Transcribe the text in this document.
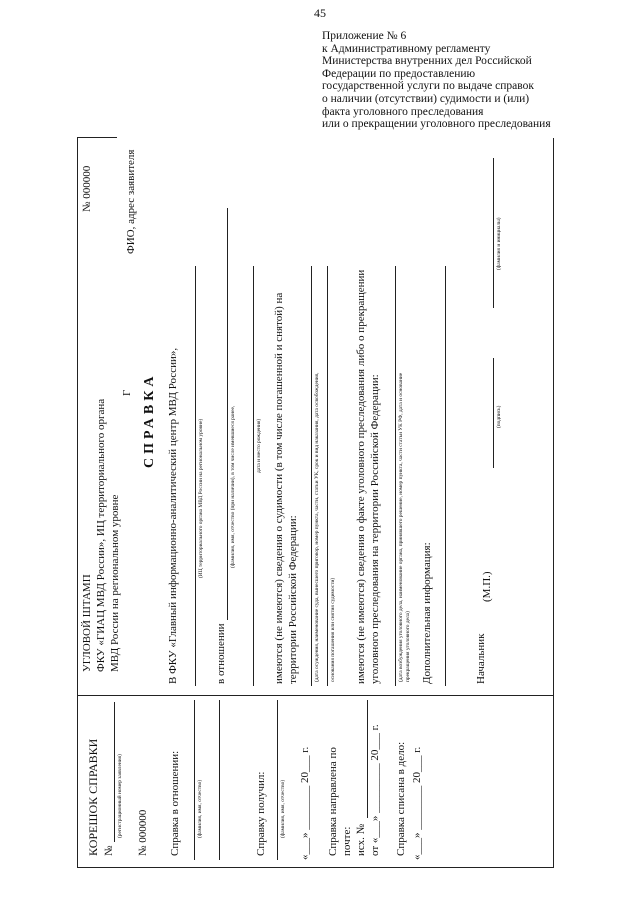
45
Приложение № 6
к Административному регламенту
Министерства внутренних дел Российской
Федерации по предоставлению
государственной услуги по выдаче справок
о наличии (отсутствии) судимости и (или)
факта уголовного преследования
или о прекращении уголовного преследования
КОРЕШОК СПРАВКИ №
(регистрационный номер заявления) № 000000 Справка в отношении:	(фамилия, имя, отчество)	Справку получил: (фамилия, имя, отчество) «___» ________ 20___ г. Справка направлена по почте: исх. № от «___» _________ 20___ г. Справка списана в дело: «___» ________ 20___ г.
УГЛОВОЙ ШТАМП ФКУ «ГИАЦ МВД России», ИЦ территориального органа МВД России на региональном уровне
Г
№ 000000	ФИО, адрес заявителя
СПРАВКА В ФКУ «Главный информационно-аналитический центр МВД России»,	(ИЦ территориального органа МВД России на региональном уровне)
в отношении
(фамилия, имя, отчество (при наличии), в том числе имевшиеся ранее,	дата и место рождения) имеются (не имеются) сведения о судимости (в том числе погашенной и снятой) на территории Российской Федерации:	(дата осуждения, наименование суда, вынесшего приговор, номер пункта, части, статьи УК, срок и вид наказания, дата освобождения, основания погашения или снятия судимости) имеются (не имеются) сведения о факте уголовного преследования либо о прекращении уголовного преследования на территории Российской Федерации:	(дата возбуждения уголовного дела, наименование органа, принявшего решение, номер пункта, части статьи УК РФ, дата и основание прекращения уголовного дела) Дополнительная информация:	Начальник
(М.П.)
(подпись)
(фамилия и инициалы)
